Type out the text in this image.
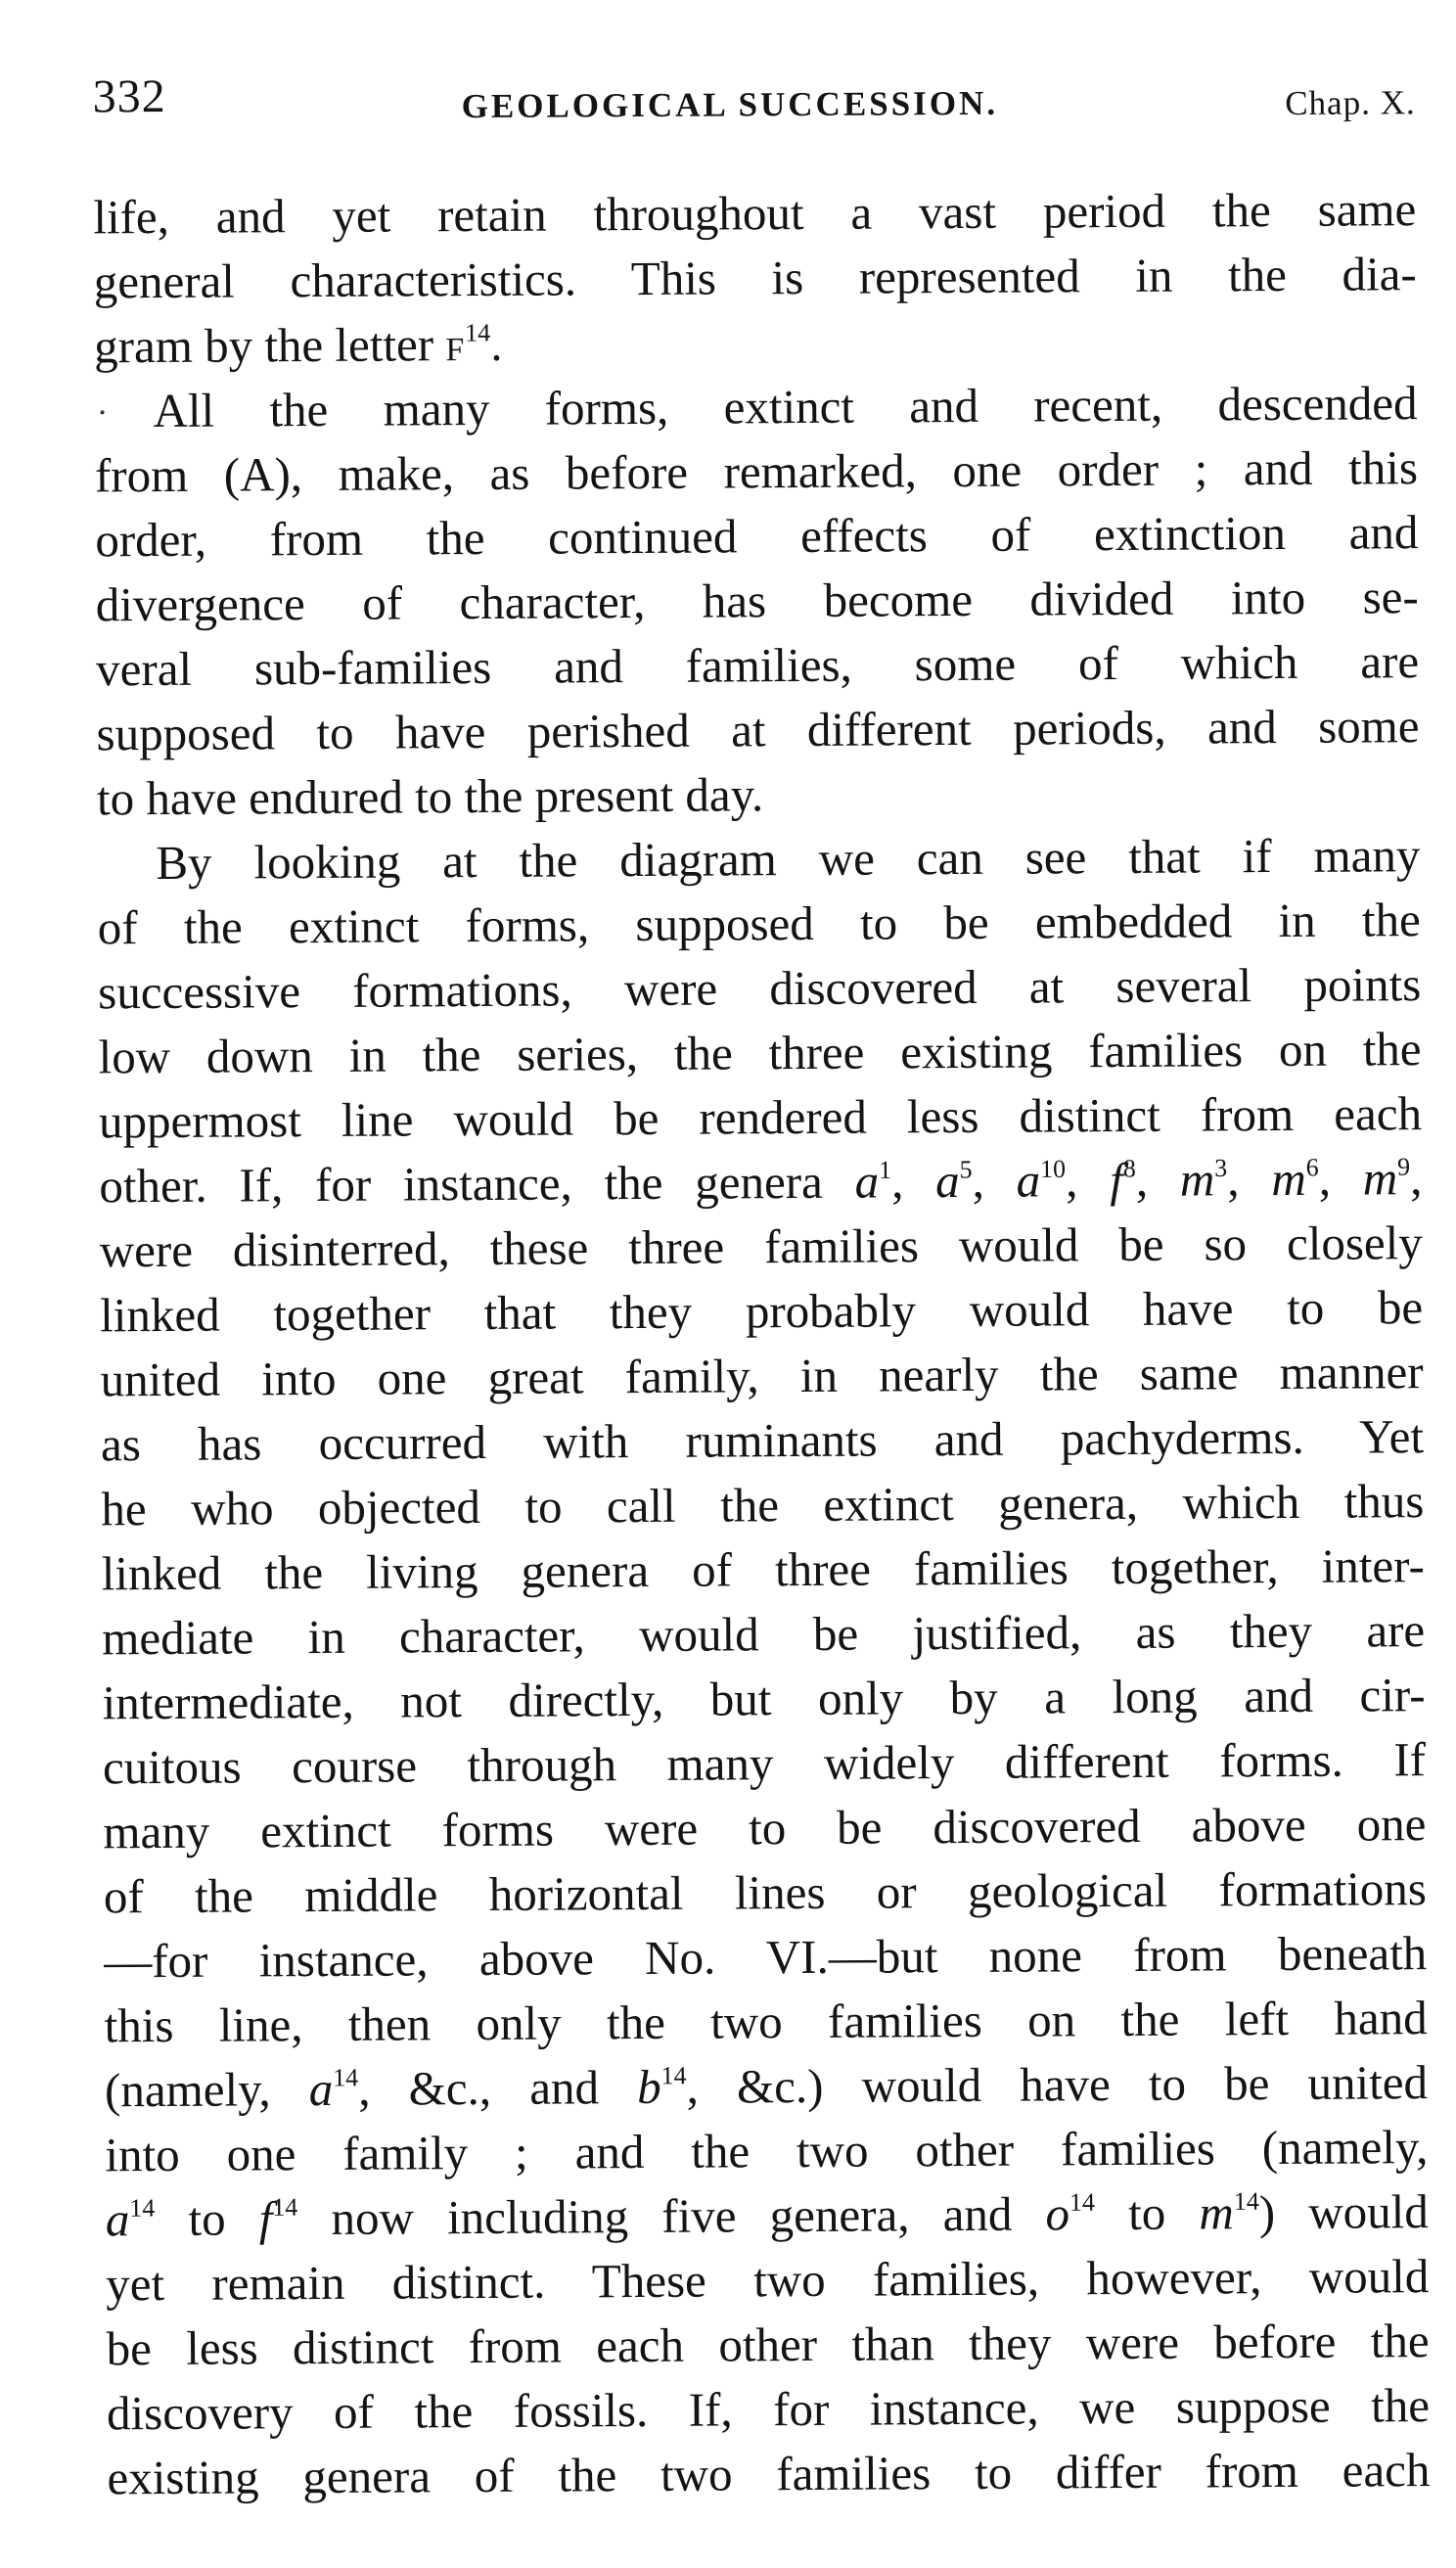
332	GEOLOGICAL SUCCESSION.	Chap. X.
life, and yet retain throughout a vast period the same
general characteristics. This is represented in the dia-
gram by the letter $F^{14}$.
All the many forms, extinct and recent, descended
from (A), make, as before remarked, one order ; and this
order, from the continued effects of extinction and
divergence of character, has become divided into se-
veral sub-families and families, some of which are
supposed to have perished at different periods, and some
to have endured to the present day.
By looking at the diagram we can see that if many
of the extinct forms, supposed to be embedded in the
successive formations, were discovered at several points
low down in the series, the three existing families on the
uppermost line would be rendered less distinct from each
other. If, for instance, the genera $a^1$, $a^5$, $a^{10}$, $f^8$, $m^3$, $m^6$, $m^9$,
were disinterred, these three families would be so closely
linked together that they probably would have to be
united into one great family, in nearly the same manner
as has occurred with ruminants and pachyderms. Yet
he who objected to call the extinct genera, which thus
linked the living genera of three families together, inter-
mediate in character, would be justified, as they are
intermediate, not directly, but only by a long and cir-
cuitous course through many widely different forms. If
many extinct forms were to be discovered above one
of the middle horizontal lines or geological formations
—for instance, above No. VI.—but none from beneath
this line, then only the two families on the left hand
(namely, $a^{14}$, &c., and $b^{14}$, &c.) would have to be united
into one family ; and the two other families (namely,
$a^{14}$ to $f^{14}$ now including five genera, and $o^{14}$ to $m^{14}$) would
yet remain distinct. These two families, however, would
be less distinct from each other than they were before the
discovery of the fossils. If, for instance, we suppose the
existing genera of the two families to differ from each
